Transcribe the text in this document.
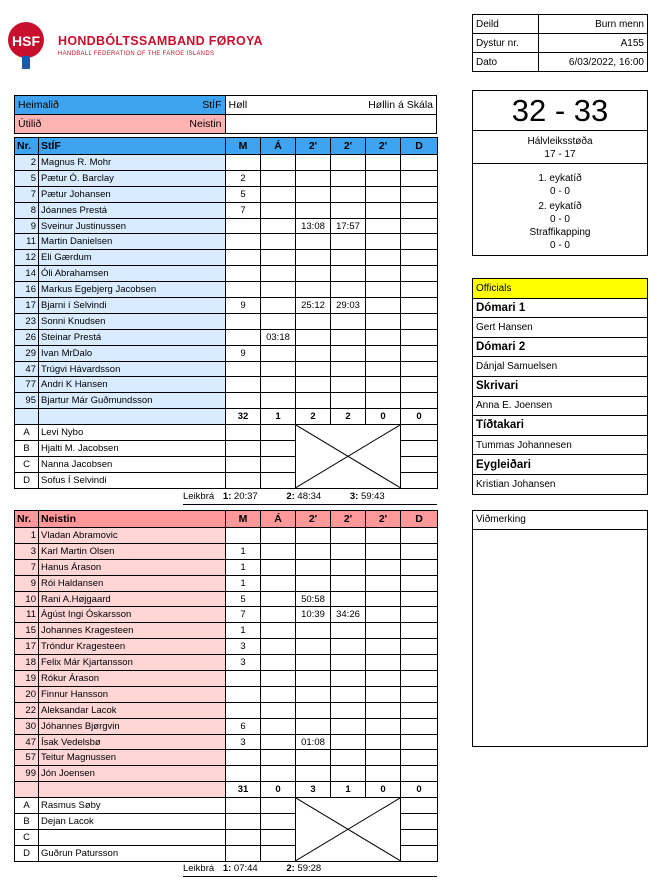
HSF HONDBÓLTSSAMBAND FØROYA
HANDBALL FEDERATION OF THE FAROE ISLANDS
Deild	Burn menn
Dystur nr.	A155
Dato	6/03/2022, 16:00
Heimalið StÍF	Høll Høllin á Skála

Útilið Neistin	

Nr.	StÍF	M	Á	2'	2'	2'	D
2	Magnus R. Mohr						
5	Pætur Ó. Barclay	2					
7	Pætur Johansen	5					
8	Jóannes Prestá	7					
9	Sveinur Justinussen			13:08	17:57		
11	Martin Danielsen						
12	Eli Gærdum						
14	Óli Abrahamsen						
16	Markus Egebjerg Jacobsen						
17	Bjarni í Selvindi	9		25:12	29:03		
23	Sonni Knudsen						
26	Steinar Prestá		03:18				
29	Ivan MrDalo	9					
47	Trúgvi Hávardsson						
77	Andri K Hansen						
95	Bjartur Már Guðmundsson						
		32	1	2	2	0	0
A	Levi Nybo			

B	Hjalti M. Jacobsen						
C	Nanna Jacobsen						
D	Sofus Í Selvindi						
Leikbrá 1: 20:37	2: 48:34	3: 59:43
Nr.	Neistin	M	Á	2'	2'	2'	D
1	Vladan Abramovic						
3	Karl Martin Olsen	1					
7	Hanus Árason	1					
9	Rói Haldansen	1					
10	Rani A.Højgaard	5		50:58			
11	Ágúst Ingi Óskarsson	7		10:39	34:26		
15	Johannes Kragesteen	1					
17	Tróndur Kragesteen	3					
18	Felix Már Kjartansson	3					
19	Rókur Árason						
20	Finnur Hansson						
22	Aleksandar Lacok						
30	Jóhannes Bjørgvin	6					
47	Ísak Vedelsbø	3		01:08			
57	Teitur Magnussen						
99	Jón Joensen						
		31	0	3	1	0	0
A	Rasmus Søby			

B	Dejan Lacok						
C							
D	Guðrun Patursson						
Leikbrá 1: 07:44	2: 59:28
32 - 33
Hálvleiksstøða
17 - 17
1. eykatíð
0 - 0
2. eykatíð
0 - 0
Straffikapping
0 - 0
Officials
Dómari 1
Gert Hansen
Dómari 2
Dánjal Samuelsen
Skrivari
Anna E. Joensen
Tíðtakari
Tummas Johannesen
Eygleiðari
Kristian Johansen
Viðmerking
